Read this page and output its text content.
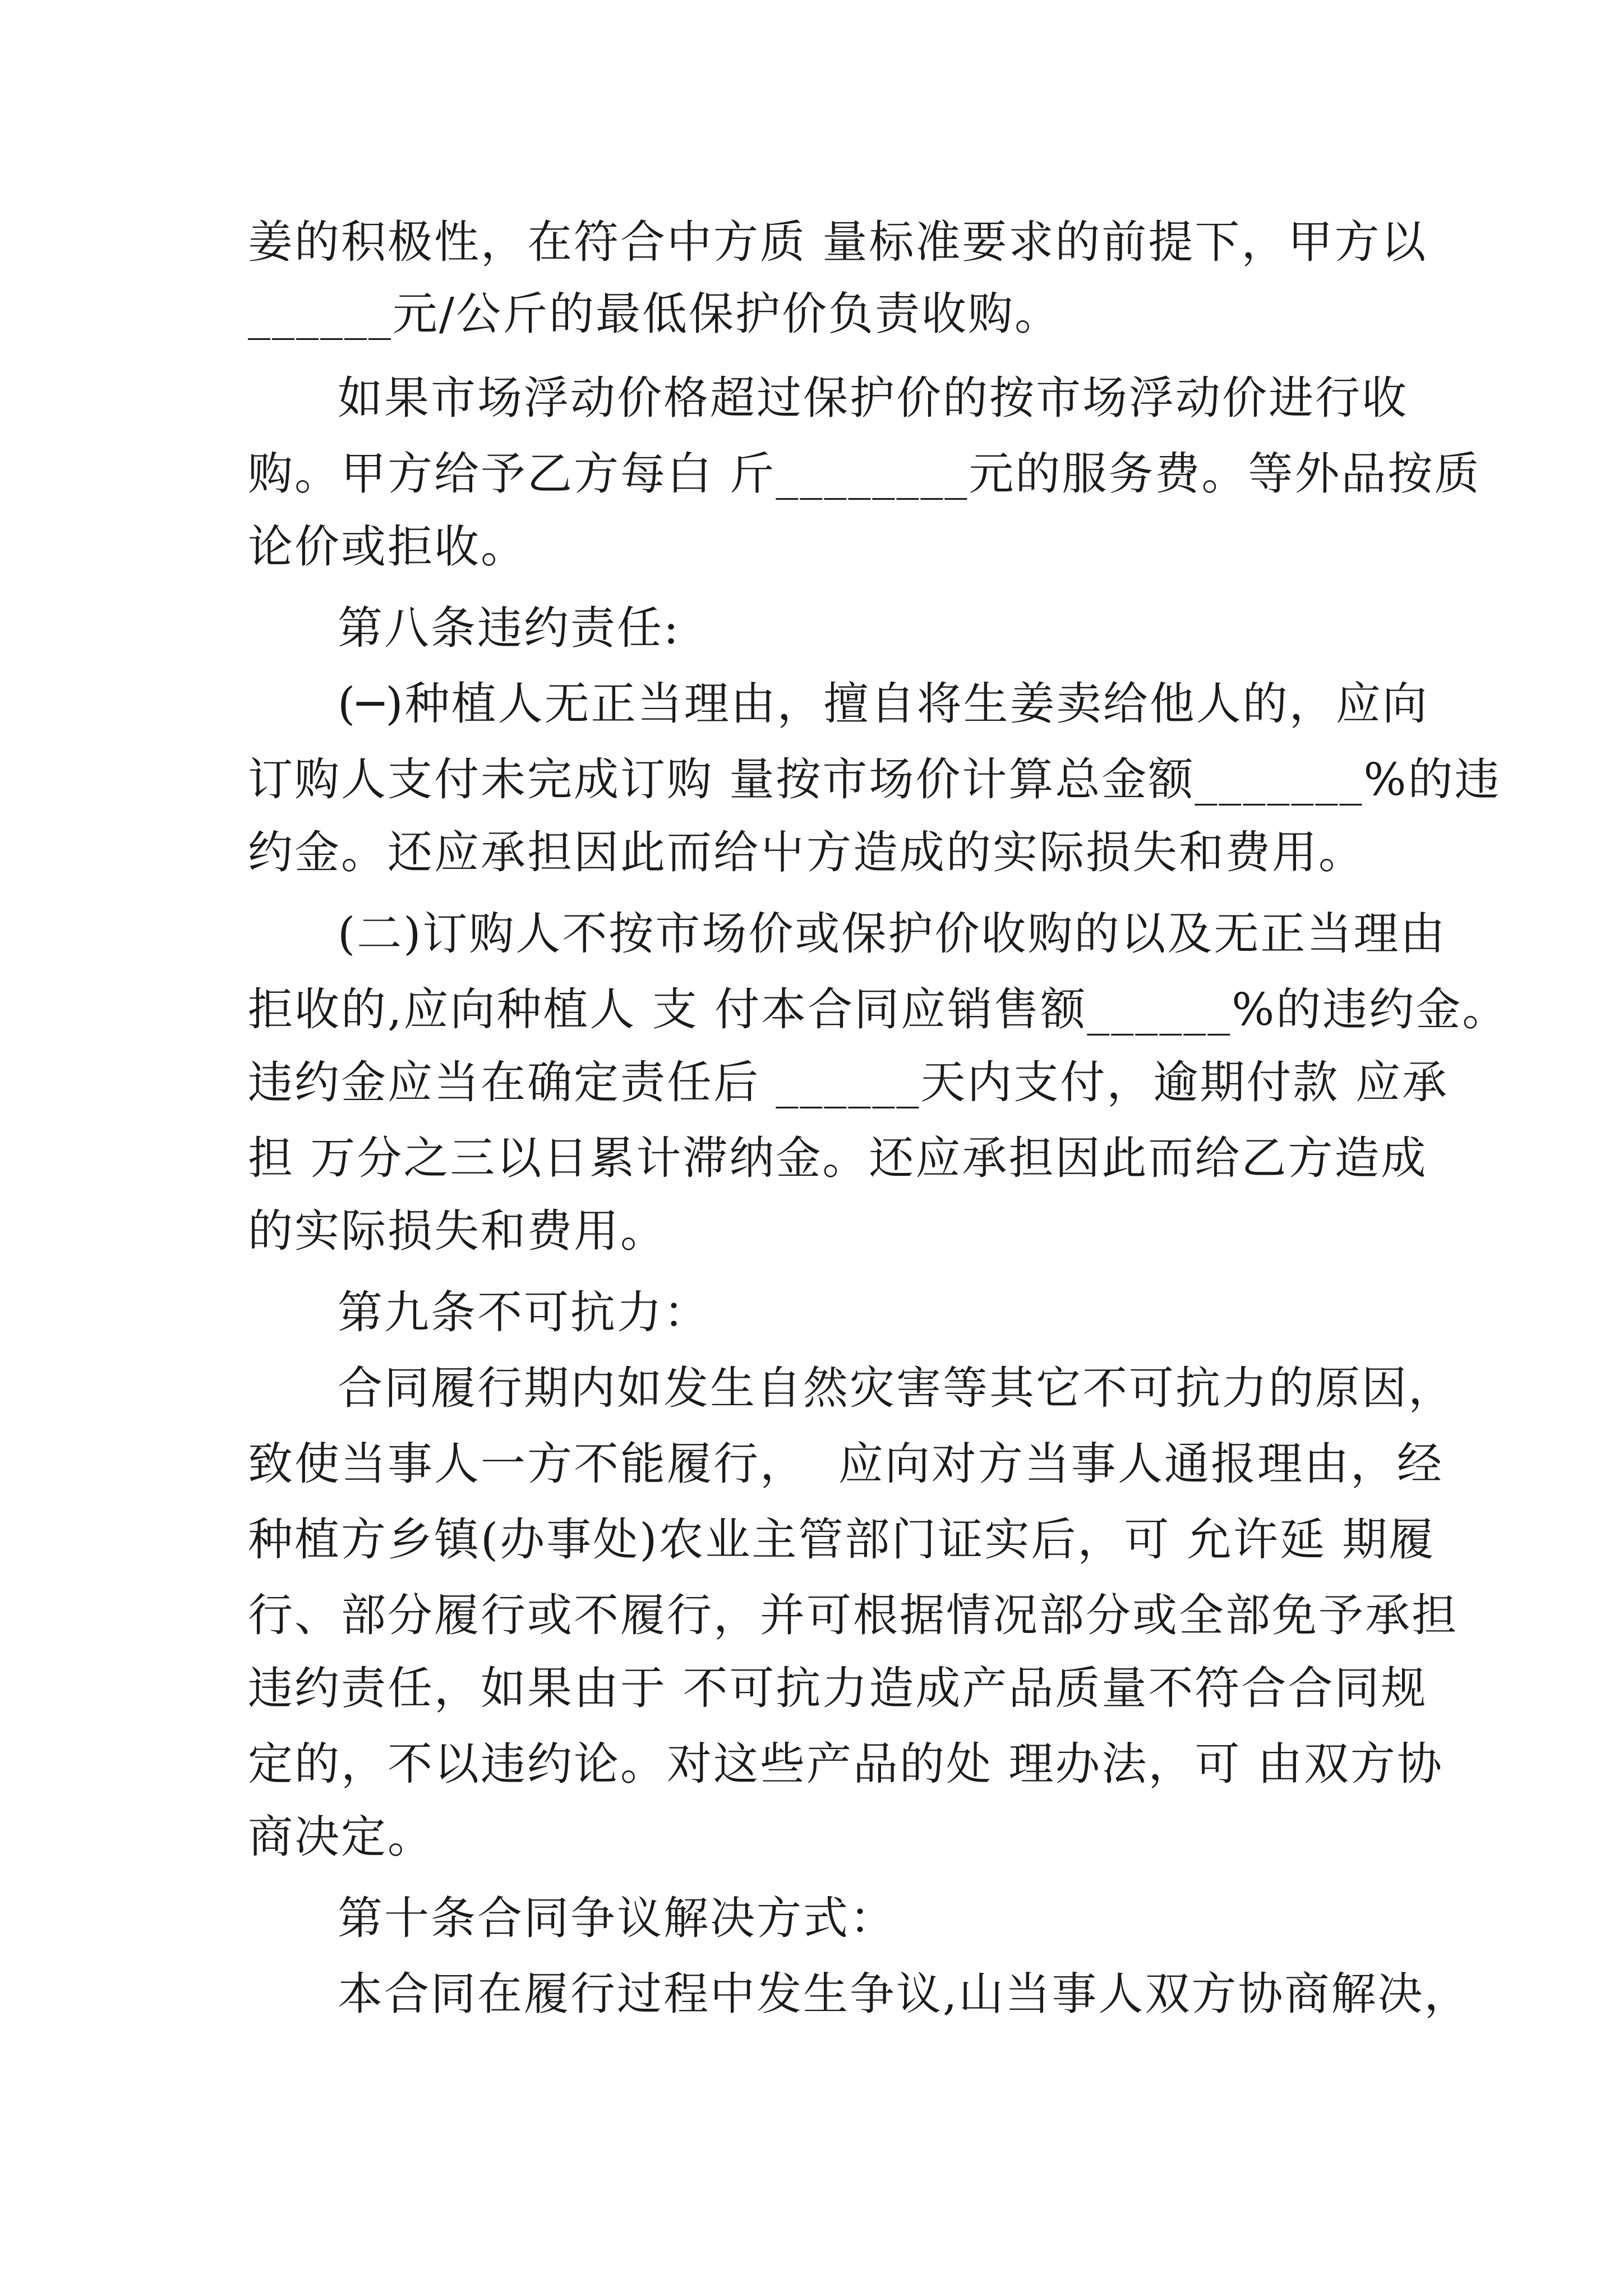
姜的积极性，在符合中方质 量标准要求的前提下，甲方以
______元/公斤的最低保护价负责收购。
如果市场浮动价格超过保护价的按市场浮动价进行收
购。甲方给予乙方每白 斤________元的服务费。等外品按质
论价或拒收。
第八条违约责任:
(─)种植人无正当理由，擅自将生姜卖给他人的，应向
订购人支付未完成订购 量按市场价计算总金额_______%的违
约金。还应承担因此而给屮方造成的实际损失和费用。
(二)订购人不按市场价或保护价收购的以及无正当理由
拒收的,应向种植人 支 付本合同应销售额______%的违约金。
违约金应当在确定责任后 ______天内支付，逾期付款 应承
担 万分之三以日累计滞纳金。还应承担因此而给乙方造成
的实际损失和费用。
第九条不可抗力：
合同履行期内如发生自然灾害等其它不可抗力的原因，
致使当事人一方不能履行，  应向对方当事人通报理由，经
种植方乡镇(办事处)农业主管部门证实后，可 允许延 期履
行、部分履行或不履行，并可根据情况部分或全部免予承担
违约责任，如果由于 不可抗力造成产品质量不符合合同规
定的，不以违约论。对这些产品的处 理办法，可 由双方协
商决定。
第十条合同争议解决方式：
本合同在履行过程中发生争议,山当事人双方协商解决，
